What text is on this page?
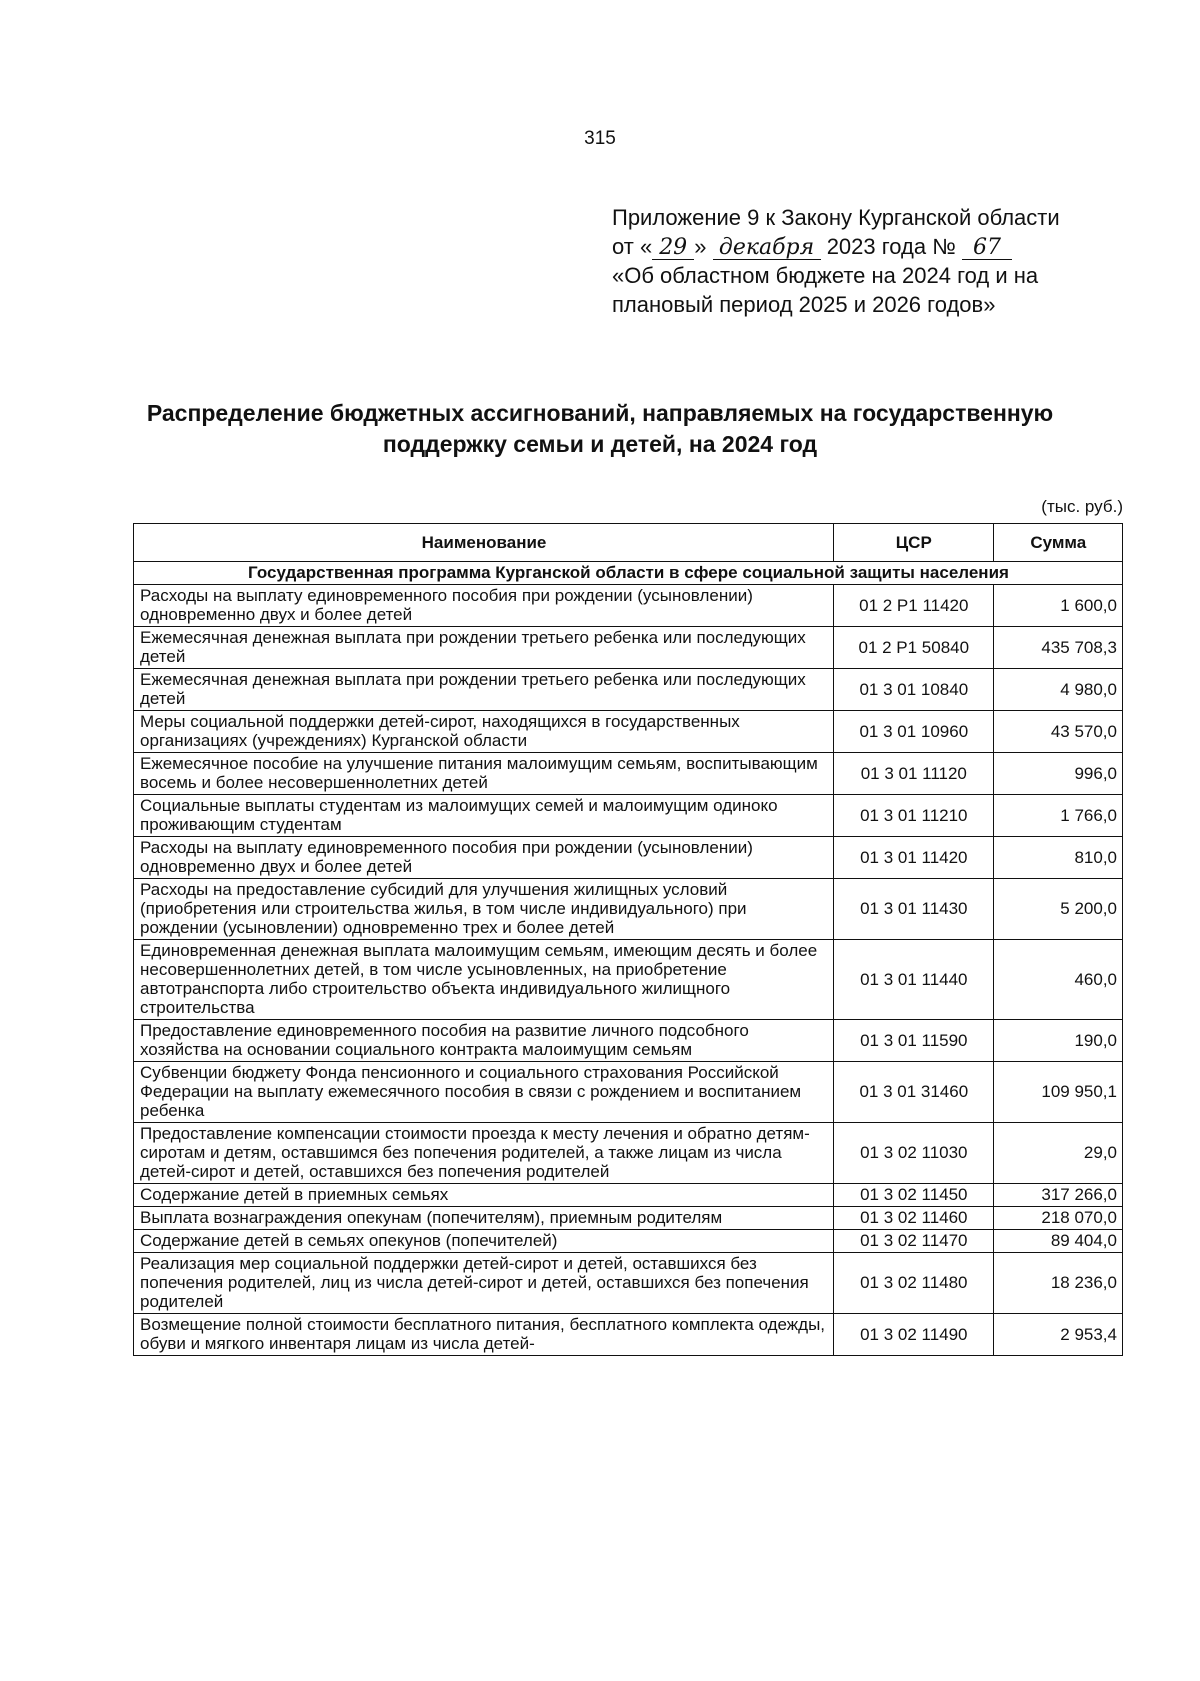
315
Приложение 9 к Закону Курганской области
от « 29 » декабря 2023 года № 67
«Об областном бюджете на 2024 год и на
плановый период 2025 и 2026 годов»
Распределение бюджетных ассигнований, направляемых на государственную
поддержку семьи и детей, на 2024 год
(тыс. руб.)
Наименование	ЦСР	Сумма
Государственная программа Курганской области в сфере социальной защиты населения		
Расходы на выплату единовременного пособия при рождении (усыновлении) одновременно двух и более детей	01 2 P1 11420	1 600,0
Ежемесячная денежная выплата при рождении третьего ребенка или последующих детей	01 2 P1 50840	435 708,3
Ежемесячная денежная выплата при рождении третьего ребенка или последующих детей	01 3 01 10840	4 980,0
Меры социальной поддержки детей-сирот, находящихся в государственных организациях (учреждениях) Курганской области	01 3 01 10960	43 570,0
Ежемесячное пособие на улучшение питания малоимущим семьям, воспитывающим восемь и более несовершеннолетних детей	01 3 01 11120	996,0
Социальные выплаты студентам из малоимущих семей и малоимущим одиноко проживающим студентам	01 3 01 11210	1 766,0
Расходы на выплату единовременного пособия при рождении (усыновлении) одновременно двух и более детей	01 3 01 11420	810,0
Расходы на предоставление субсидий для улучшения жилищных условий (приобретения или строительства жилья, в том числе индивидуального) при рождении (усыновлении) одновременно трех и более детей	01 3 01 11430	5 200,0
Единовременная денежная выплата малоимущим семьям, имеющим десять и более несовершеннолетних детей, в том числе усыновленных, на приобретение автотранспорта либо строительство объекта индивидуального жилищного строительства	01 3 01 11440	460,0
Предоставление единовременного пособия на развитие личного подсобного хозяйства на основании социального контракта малоимущим семьям	01 3 01 11590	190,0
Субвенции бюджету Фонда пенсионного и социального страхования Российской Федерации на выплату ежемесячного пособия в связи с рождением и воспитанием ребенка	01 3 01 31460	109 950,1
Предоставление компенсации стоимости проезда к месту лечения и обратно детям-сиротам и детям, оставшимся без попечения родителей, а также лицам из числа детей-сирот и детей, оставшихся без попечения родителей	01 3 02 11030	29,0
Содержание детей в приемных семьях	01 3 02 11450	317 266,0
Выплата вознаграждения опекунам (попечителям), приемным родителям	01 3 02 11460	218 070,0
Содержание детей в семьях опекунов (попечителей)	01 3 02 11470	89 404,0
Реализация мер социальной поддержки детей-сирот и детей, оставшихся без попечения родителей, лиц из числа детей-сирот и детей, оставшихся без попечения родителей	01 3 02 11480	18 236,0
Возмещение полной стоимости бесплатного питания, бесплатного комплекта одежды, обуви и мягкого инвентаря лицам из числа детей-	01 3 02 11490	2 953,4
